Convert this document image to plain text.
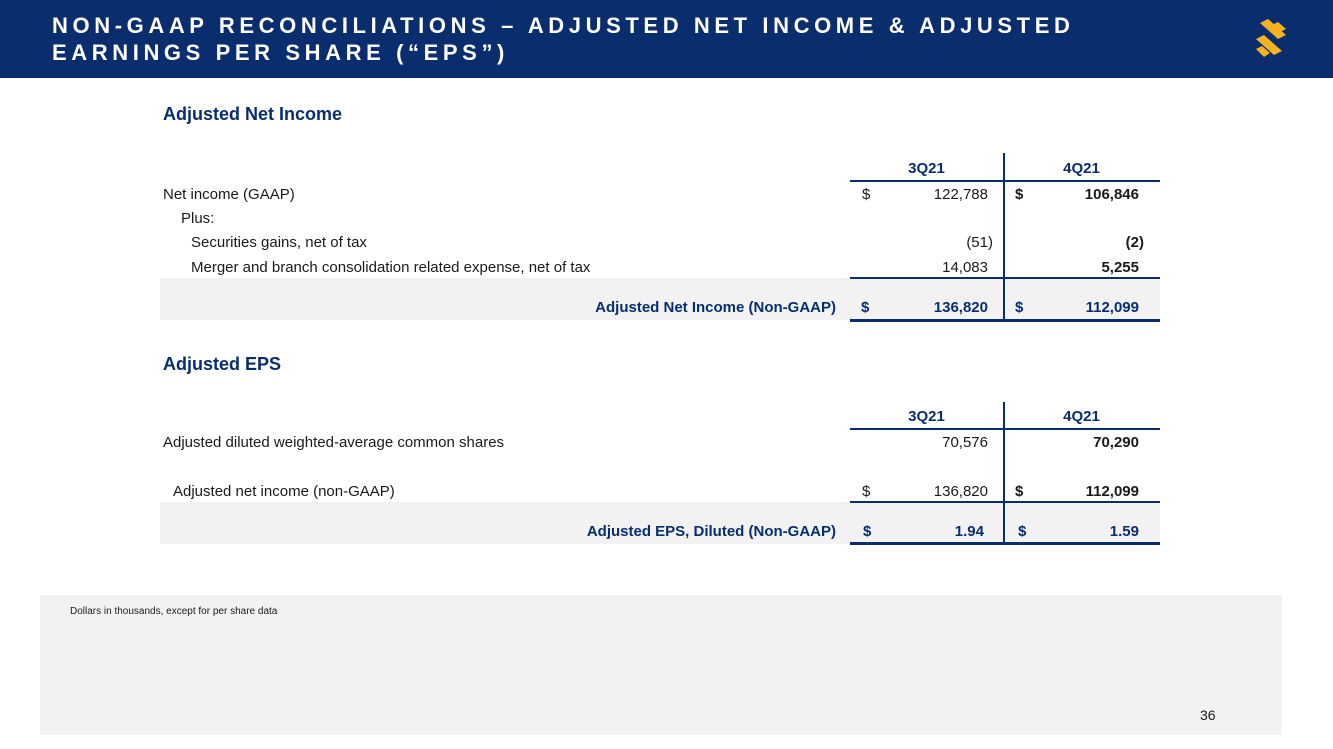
NON-GAAP RECONCILIATIONS – ADJUSTED NET INCOME & ADJUSTED
EARNINGS PER SHARE (“EPS”)
Adjusted Net Income
3Q21	4Q21
Net income (GAAP)	$	122,788 $	106,846
Plus:
Securities gains, net of tax	(51)	(2)
Merger and branch consolidation related expense, net of tax	14,083	5,255
Adjusted Net Income (Non-GAAP) $	136,820 $	112,099
Adjusted EPS
3Q21	4Q21
Adjusted diluted weighted-average common shares	70,576	70,290
Adjusted net income (non-GAAP)	$	136,820 $	112,099
Adjusted EPS, Diluted (Non-GAAP) $	1.94 $	1.59
Dollars in thousands, except for per share data
36
